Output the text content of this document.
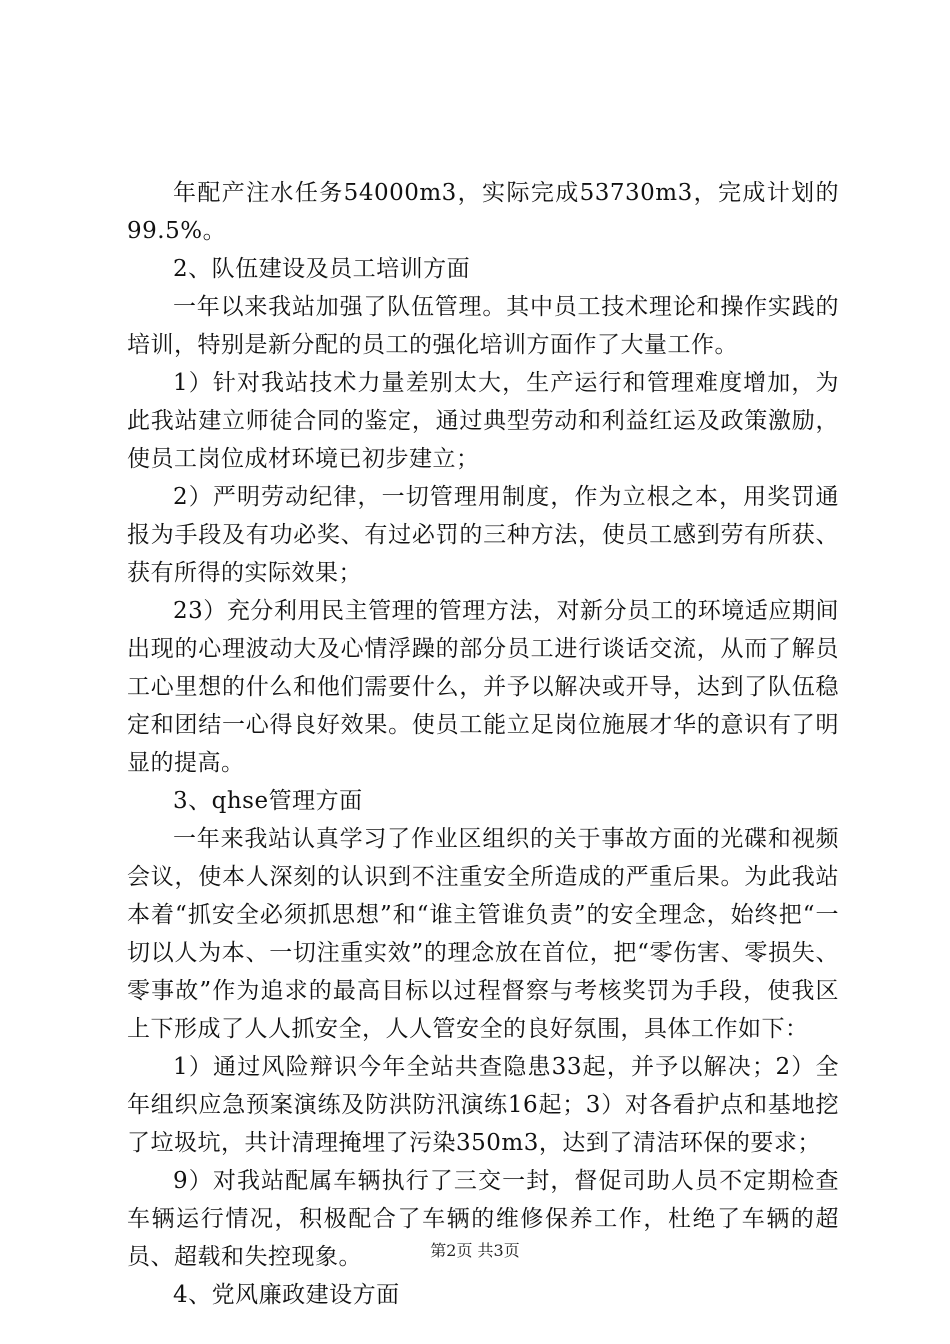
年配产注水任务54000m3，实际完成53730m3，完成计划的99.5%。

2、队伍建设及员工培训方面

一年以来我站加强了队伍管理。其中员工技术理论和操作实践的培训，特别是新分配的员工的强化培训方面作了大量工作。

1）针对我站技术力量差别太大，生产运行和管理难度增加，为此我站建立师徒合同的鉴定，通过典型劳动和利益红运及政策激励，使员工岗位成材环境已初步建立；

2）严明劳动纪律，一切管理用制度，作为立根之本，用奖罚通报为手段及有功必奖、有过必罚的三种方法，使员工感到劳有所获、获有所得的实际效果；

23）充分利用民主管理的管理方法，对新分员工的环境适应期间出现的心理波动大及心情浮躁的部分员工进行谈话交流，从而了解员工心里想的什么和他们需要什么，并予以解决或开导，达到了队伍稳定和团结一心得良好效果。使员工能立足岗位施展才华的意识有了明显的提高。

3、qhse管理方面

一年来我站认真学习了作业区组织的关于事故方面的光碟和视频会议，使本人深刻的认识到不注重安全所造成的严重后果。为此我站本着“抓安全必须抓思想”和“谁主管谁负责”的安全理念，始终把“一切以人为本、一切注重实效”的理念放在首位，把“零伤害、零损失、零事故”作为追求的最高目标以过程督察与考核奖罚为手段，使我区上下形成了人人抓安全，人人管安全的良好氛围，具体工作如下：

1）通过风险辩识今年全站共查隐患33起，并予以解决；2）全年组织应急预案演练及防洪防汛演练16起；3）对各看护点和基地挖了垃圾坑，共计清理掩埋了污染350m3，达到了清洁环保的要求；

9）对我站配属车辆执行了三交一封，督促司助人员不定期检查车辆运行情况，积极配合了车辆的维修保养工作，杜绝了车辆的超员、超载和失控现象。

4、党风廉政建设方面

第2页 共3页
